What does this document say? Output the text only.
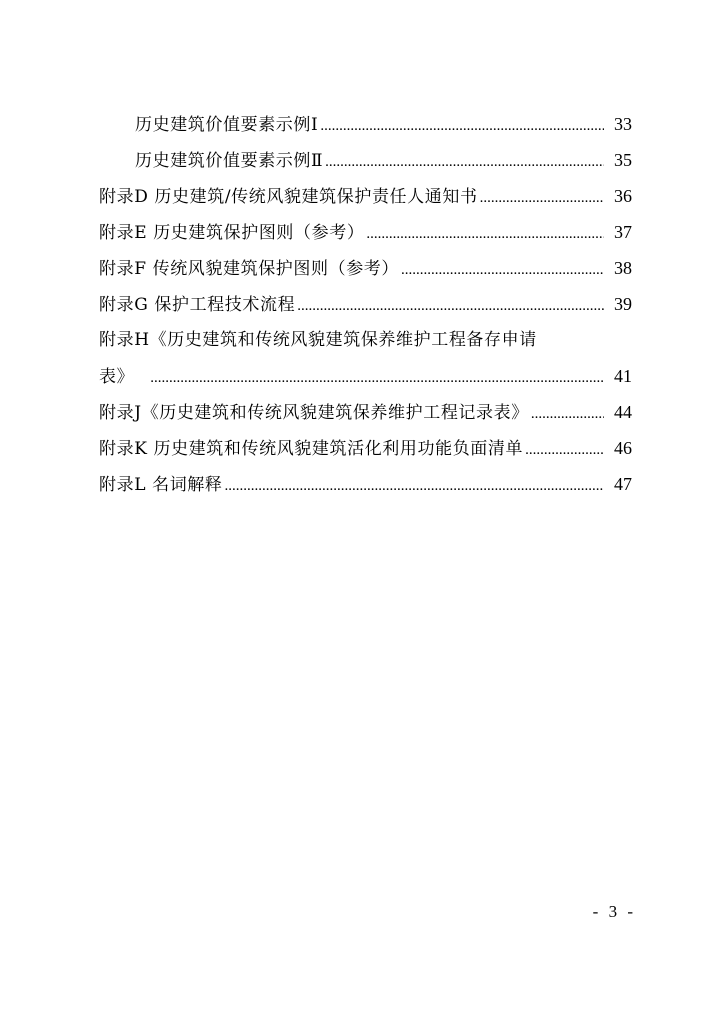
历史建筑价值要素示例Ⅰ .....	33
历史建筑价值要素示例Ⅱ .....	35
附录D 历史建筑/传统风貌建筑保护责任人通知书 .....	36
附录E 历史建筑保护图则（参考） .....	37
附录F 传统风貌建筑保护图则（参考） .....	38
附录G 保护工程技术流程 .....	39
附录H《历史建筑和传统风貌建筑保养维护工程备存申请
表》 .....	41
附录J《历史建筑和传统风貌建筑保养维护工程记录表》 .....	44
附录K 历史建筑和传统风貌建筑活化利用功能负面清单 .....	46
附录L 名词解释 .....	47
- 3 -
